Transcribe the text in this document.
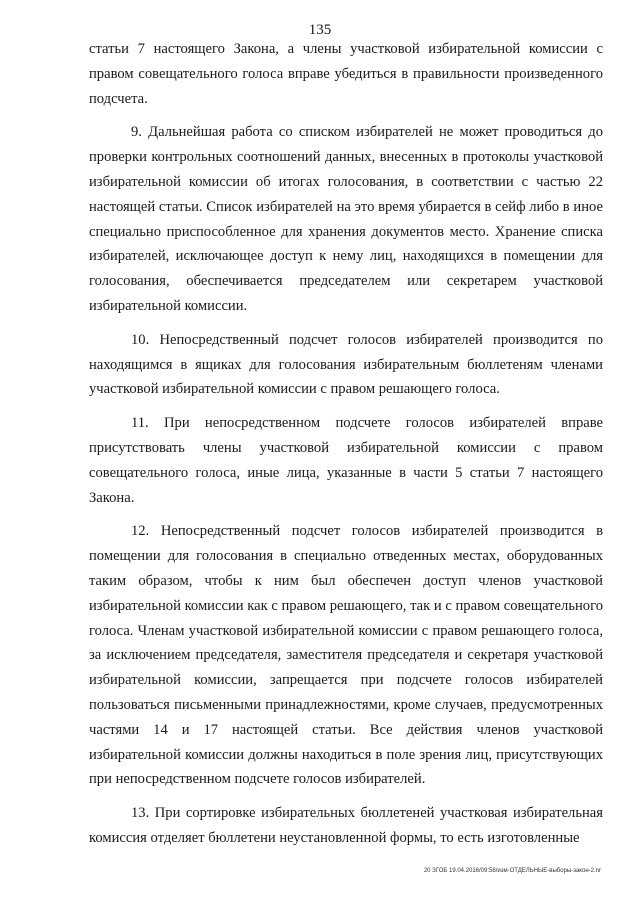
135

статьи 7 настоящего Закона, а члены участковой избирательной комиссии с правом совещательного голоса вправе убедиться в правильности произведенного подсчета.

9. Дальнейшая работа со списком избирателей не может проводиться до проверки контрольных соотношений данных, внесенных в протоколы участковой избирательной комиссии об итогах голосования, в соответствии с частью 22 настоящей статьи. Список избирателей на это время убирается в сейф либо в иное специально приспособленное для хранения документов место. Хранение списка избирателей, исключающее доступ к нему лиц, находящихся в помещении для голосования, обеспечивается председателем или секретарем участковой избирательной комиссии.

10. Непосредственный подсчет голосов избирателей производится по находящимся в ящиках для голосования избирательным бюллетеням членами участковой избирательной комиссии с правом решающего голоса.

11. При непосредственном подсчете голосов избирателей вправе присутствовать члены участковой избирательной комиссии с правом совещательного голоса, иные лица, указанные в части 5 статьи 7 настоящего Закона.

12. Непосредственный подсчет голосов избирателей производится в помещении для голосования в специально отведенных местах, оборудованных таким образом, чтобы к ним был обеспечен доступ членов участковой избирательной комиссии как с правом решающего, так и с правом совещательного голоса. Членам участковой избирательной комиссии с правом решающего голоса, за исключением председателя, заместителя председателя и секретаря участковой избирательной комиссии, запрещается при подсчете голосов избирателей пользоваться письменными принадлежностями, кроме случаев, предусмотренных частями 14 и 17 настоящей статьи. Все действия членов участковой избирательной комиссии должны находиться в поле зрения лиц, присутствующих при непосредственном подсчете голосов избирателей.

13. При сортировке избирательных бюллетеней участковая избирательная комиссия отделяет бюллетени неустановленной формы, то есть изготовленные

20 ЗГОБ 19.04.2016/09:58/изм-ОТДЕЛЬНЫЕ-выборы-закон-2.nr
